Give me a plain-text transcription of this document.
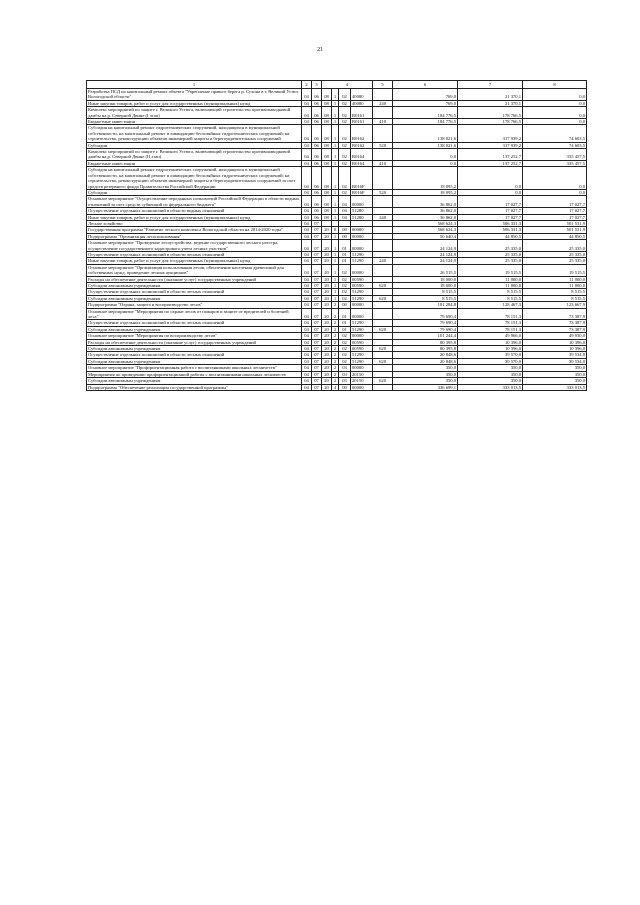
21
1	2	3	4				5	6	7	8
Разработка ПСД на капитальный ремонт объекта "Укрепление правого берега р. Сухона в г. Великий Устюг Вологодской области"	04	06	08	1	02	40080		769,0	21 370,1	0,0
Иные закупки товаров, работ и услуг для государственных (муниципальных) нужд	04	06	08	1	02	40080	240	769,0	21 370,1	0,0
Комплекс мероприятий по защите г. Великого Устюга, включающий строительство противопаводковой дамбы на р. Северной Двине (I этап)	04	06	08	1	02	R0161		184 776,5	178 766,5	0,0
Бюджетные инвестиции	04	06	08	1	02	R0161	410	184 776,5	178 766,5	0,0
Субсидия на капитальный ремонт гидротехнических сооружений, находящихся в муниципальной собственности, на капитальный ремонт и ликвидацию бесхозяйных гидротехнических сооружений; на строительство, реконструкцию объектов инженерной защиты и берегоукрепительных сооружений	04	06	08	1	02	R0162		138 021,6	317 939,2	74 603,5
Субсидии	04	06	08	1	02	R0162	520	138 021,6	317 939,2	74 603,5
Комплекс мероприятий по защите г. Великого Устюга, включающий строительство противопаводковой дамбы на р. Северной Двине (II этап)	04	06	08	1	02	R0164		0,0	137 252,7	335 457,5
Бюджетные инвестиции	04	06	08	1	02	R0164	410	0,0	137 252,7	335 457,5
Субсидия на капитальный ремонт гидротехнических сооружений, находящихся в муниципальной собственности, на капитальный ремонт и ликвидацию бесхозяйных гидротехнических сооружений; на строительство, реконструкцию объектов инженерной защиты и берегоукрепительных сооружений за счет средств резервного фонда Правительства Российской Федерации	04	06	08	1	02	R016F		18 095,2	0,0	0,0
Субсидии	04	06	08	1	02	R016F	520	18 095,2	0,0	0,0
Основное мероприятие "Осуществление переданных полномочий Российской Федерации в области водных отношений за счет средств субвенций из федерального бюджета"	04	06	08	1	04	00000		36 862,0	17 027,7	17 027,7
Осуществление отдельных полномочий в области водных отношений	04	06	08	1	04	51280		36 862,0	17 027,7	17 027,7
Иные закупки товаров, работ и услуг для государственных (муниципальных) нужд	04	06	08	1	04	51280	240	36 862,0	17 027,7	17 027,7
Лесное хозяйство	04	07						568 624,3	506 331,3	501 531,9
Государственная программа "Развитие лесного комплекса Вологодской области на 2014-2020 годы"	04	07	20	0	00	00000		568 624,3	506 331,3	501 531,9
Подпрограмма "Организация лесопользования"	04	07	20	1	00	00000		50 640,4	44 850,5	44 850,5
Основное мероприятие "Проведение лесоустройства, ведение государственного лесного реестра, осуществление государственного кадастрового учета лесных участков"	04	07	20	1	01	00000		24 124,9	25 335,0	25 335,0
Осуществление отдельных полномочий в области лесных отношений	04	07	20	1	01	51290		24 124,9	25 335,0	25 335,0
Иные закупки товаров, работ и услуг для государственных (муниципальных) нужд	04	07	20	1	01	51290	240	24 124,9	25 335,0	25 335,0
Основное мероприятие "Организация использования лесов, обеспечение населения древесиной для собственных нужд, проведение лесных аукционов"	04	07	20	1	02	00000		26 515,5	19 515,5	19 515,5
Расходы на обеспечение деятельности (оказание услуг) государственных учреждений	04	07	20	1	02	00590		18 000,0	11 000,0	11 000,0
Субсидии автономным учреждениям	04	07	20	1	02	00590	620	18 000,0	11 000,0	11 000,0
Осуществление отдельных полномочий в области лесных отношений	04	07	20	1	02	51290		8 515,5	8 515,5	8 515,5
Субсидии автономным учреждениям	04	07	20	1	02	51290	620	8 515,5	8 515,5	8 515,5
Подпрограмма "Охрана, защита и воспроизводство лесов"	04	07	20	2	00	00000		181 284,8	128 467,3	123 667,9
Основное мероприятие "Мероприятия по охране лесов от пожаров и защите от вредителей и болезней леса"	04	07	20	2	01	00000		79 690,4	78 151,3	73 387,9
Осуществление отдельных полномочий в области лесных отношений	04	07	20	2	01	51290		79 690,4	78 151,3	73 387,9
Субсидии автономным учреждениям	04	07	20	2	01	51290	620	79 690,4	78 151,3	73 387,9
Основное мероприятие "Мероприятия по воспроизводству лесов"	04	07	20	2	02	00000		101 244,4	49 966,0	49 930,0
Расходы на обеспечение деятельности (оказание услуг) государственных учреждений	04	07	20	2	02	00590		80 395,8	10 396,0	10 396,0
Субсидии автономным учреждениям	04	07	20	2	02	00590	620	80 395,8	10 396,0	10 396,0
Осуществление отдельных полномочий в области лесных отношений	04	07	20	2	02	51290		20 848,6	39 570,0	39 534,0
Субсидии автономным учреждениям	04	07	20	2	02	51290	620	20 848,6	39 570,0	39 534,0
Основное мероприятие "Профориентационная работа с воспитанниками школьных лесничеств"	04	07	20	2	03	00000		350,0	350,0	350,0
Мероприятия по проведению профориентационной работы с воспитанниками школьных лесничеств	04	07	20	2	03	20150		350,0	350,0	350,0
Субсидии автономным учреждениям	04	07	20	2	03	20150	620	350,0	350,0	350,0
Подпрограмма "Обеспечение реализации государственной программы"	04	07	20	4	00	00000		336 699,1	333 013,5	333 013,5
